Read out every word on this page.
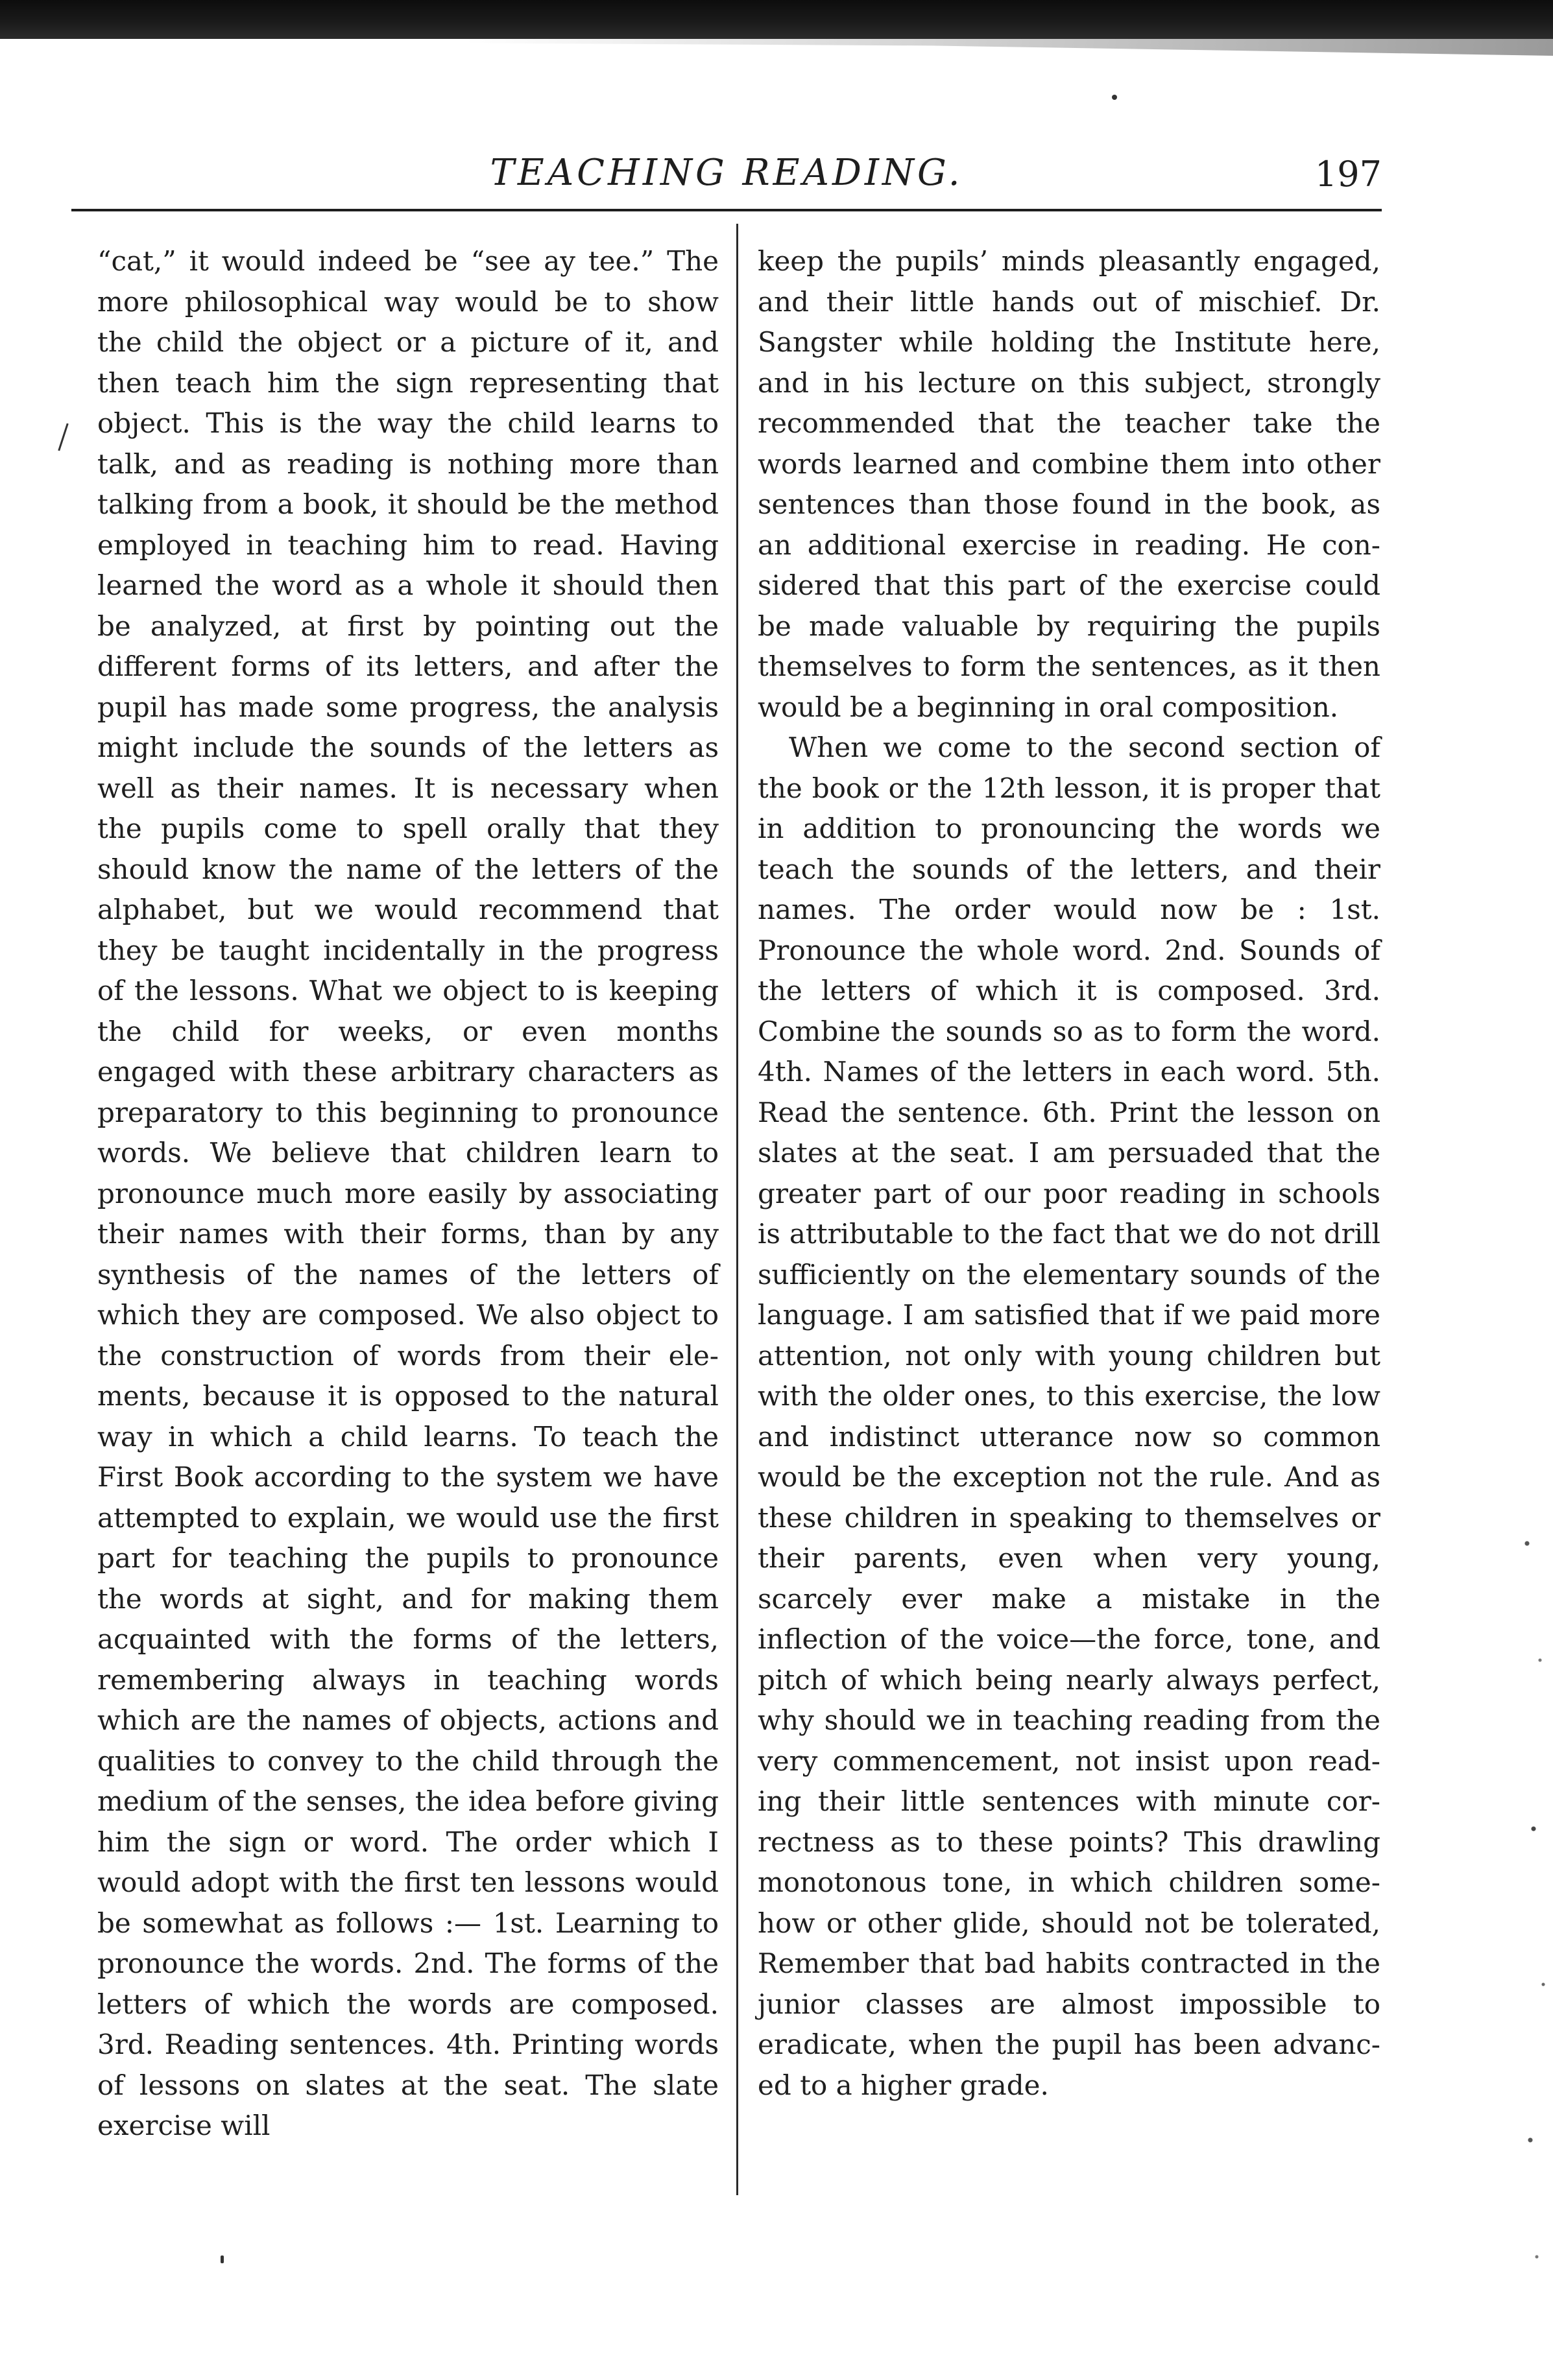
TEACHING READING.	197

“cat,” it would indeed be “see ay tee.” The more philosophical way would be to show the child the object or a picture of it, and then teach him the sign representing that object. This is the way the child learns to talk, and as reading is nothing more than talking from a book, it should be the method employed in teaching him to read. Having learned the word as a whole it should then be analyzed, at first by pointing out the different forms of its letters, and after the pupil has made some progress, the analysis might include the sounds of the letters as well as their names. It is necessary when the pupils come to spell orally that they should know the name of the letters of the alphabet, but we would recommend that they be taught incidentally in the progress of the lessons. What we object to is keeping the child for weeks, or even months engaged with these arbitrary characters as preparatory to this beginning to pronounce words. We believe that children learn to pronounce much more easily by associating their names with their forms, than by any synthesis of the names of the letters of which they are composed. We also object to the construction of words from their elements, because it is opposed to the natural way in which a child learns. To teach the First Book according to the system we have attempted to explain, we would use the first part for teaching the pupils to pronounce the words at sight, and for making them acquainted with the forms of the letters, remembering always in teaching words which are the names of objects, actions and qualities to convey to the child through the medium of the senses, the idea before giving him the sign or word. The order which I would adopt with the first ten lessons would be somewhat as follows :— 1st. Learning to pronounce the words. 2nd. The forms of the letters of which the words are composed. 3rd. Reading sentences. 4th. Printing words of lessons on slates at the seat. The slate exercise will

keep the pupils’ minds pleasantly engaged, and their little hands out of mischief. Dr. Sangster while holding the Institute here, and in his lecture on this subject, strongly recommended that the teacher take the words learned and combine them into other sentences than those found in the book, as an additional exercise in reading. He considered that this part of the exercise could be made valuable by requiring the pupils themselves to form the sentences, as it then would be a beginning in oral composition.

When we come to the second section of the book or the 12th lesson, it is proper that in addition to pronouncing the words we teach the sounds of the letters, and their names. The order would now be : 1st. Pronounce the whole word. 2nd. Sounds of the letters of which it is composed. 3rd. Combine the sounds so as to form the word. 4th. Names of the letters in each word. 5th. Read the sentence. 6th. Print the lesson on slates at the seat. I am persuaded that the greater part of our poor reading in schools is attributable to the fact that we do not drill sufficiently on the elementary sounds of the language. I am satisfied that if we paid more attention, not only with young children but with the older ones, to this exercise, the low and indistinct utterance now so common would be the exception not the rule. And as these children in speaking to themselves or their parents, even when very young, scarcely ever make a mistake in the inflection of the voice—the force, tone, and pitch of which being nearly always perfect, why should we in teaching reading from the very commencement, not insist upon reading their little sentences with minute correctness as to these points? This drawling monotonous tone, in which children somehow or other glide, should not be tolerated, Remember that bad habits contracted in the junior classes are almost impossible to eradicate, when the pupil has been advanced to a higher grade.
